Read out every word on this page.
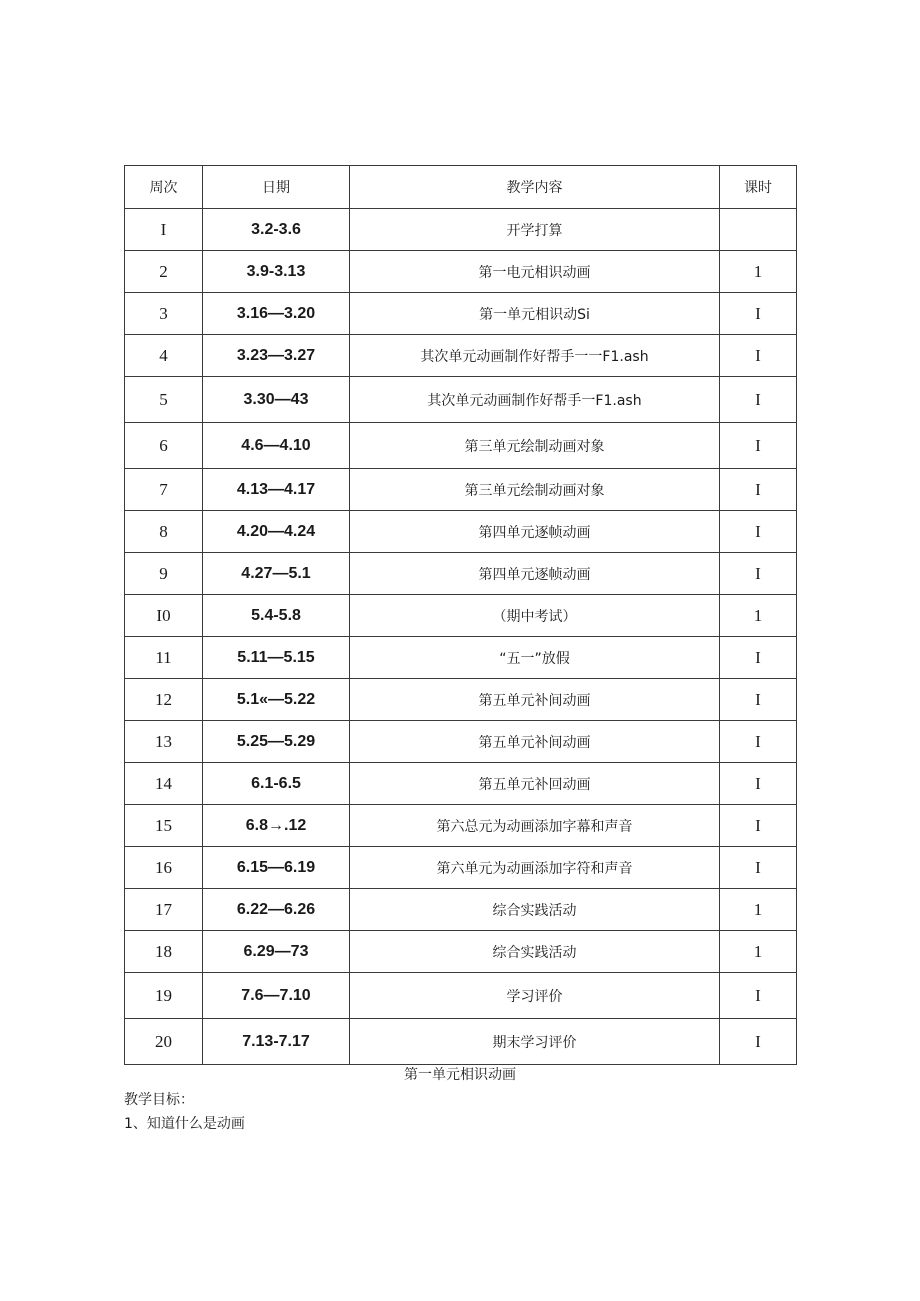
周次	日期	教学内容	课时
I	3.2-3.6	开学打算	
2	3.9-3.13	第一电元相识动画	1
3	3.16—3.20	第一单元相识动Si	I
4	3.23—3.27	其次单元动画制作好帮手一一F1.ash	I
5	3.30—43	其次单元动画制作好帮手一F1.ash	I
6	4.6—4.10	第三单元绘制动画对象	I
7	4.13—4.17	第三单元绘制动画对象	I
8	4.20—4.24	第四单元逐帧动画	I
9	4.27—5.1	第四单元逐帧动画	I
I0	5.4-5.8	（期中考试）	1
11	5.11—5.15	“五一”放假	I
12	5.1«—5.22	第五单元补间动画	I
13	5.25—5.29	第五单元补间动画	I
14	6.1-6.5	第五单元补回动画	I
15	6.8→.12	第六总元为动画添加字幕和声音	I
16	6.15—6.19	第六单元为动画添加字符和声音	I
17	6.22—6.26	综合实践活动	1
18	6.29—73	综合实践活动	1
19	7.6—7.10	学习评价	I
20	7.13-7.17	期末学习评价	I
第一单元相识动画
教学目标：
1、知道什么是动画
